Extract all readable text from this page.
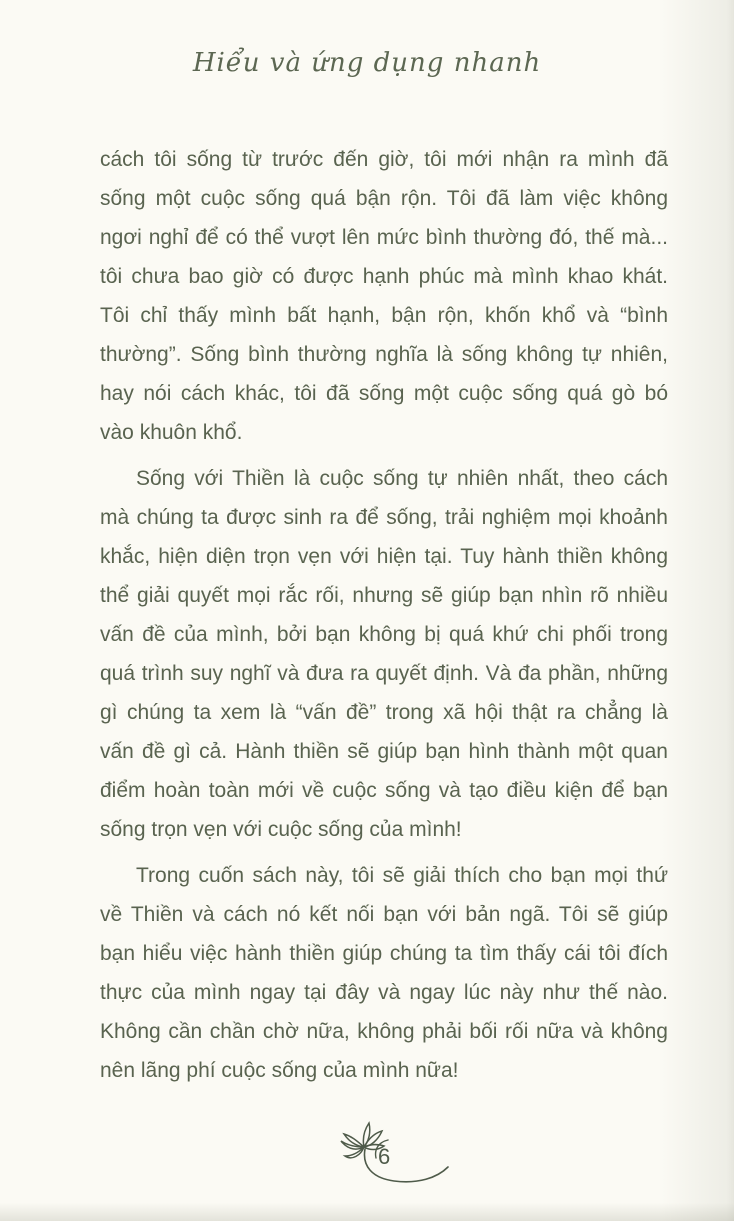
Hiểu và ứng dụng nhanh
cách tôi sống từ trước đến giờ, tôi mới nhận ra mình đã
sống một cuộc sống quá bận rộn. Tôi đã làm việc không
ngơi nghỉ để có thể vượt lên mức bình thường đó, thế mà...
tôi chưa bao giờ có được hạnh phúc mà mình khao khát.
Tôi chỉ thấy mình bất hạnh, bận rộn, khốn khổ và “bình
thường”. Sống bình thường nghĩa là sống không tự nhiên,
hay nói cách khác, tôi đã sống một cuộc sống quá gò bó
vào khuôn khổ.
Sống với Thiền là cuộc sống tự nhiên nhất, theo cách
mà chúng ta được sinh ra để sống, trải nghiệm mọi khoảnh
khắc, hiện diện trọn vẹn với hiện tại. Tuy hành thiền không
thể giải quyết mọi rắc rối, nhưng sẽ giúp bạn nhìn rõ nhiều
vấn đề của mình, bởi bạn không bị quá khứ chi phối trong
quá trình suy nghĩ và đưa ra quyết định. Và đa phần, những
gì chúng ta xem là “vấn đề” trong xã hội thật ra chẳng là
vấn đề gì cả. Hành thiền sẽ giúp bạn hình thành một quan
điểm hoàn toàn mới về cuộc sống và tạo điều kiện để bạn
sống trọn vẹn với cuộc sống của mình!
Trong cuốn sách này, tôi sẽ giải thích cho bạn mọi thứ
về Thiền và cách nó kết nối bạn với bản ngã. Tôi sẽ giúp
bạn hiểu việc hành thiền giúp chúng ta tìm thấy cái tôi đích
thực của mình ngay tại đây và ngay lúc này như thế nào.
Không cần chần chờ nữa, không phải bối rối nữa và không
nên lãng phí cuộc sống của mình nữa!
6
